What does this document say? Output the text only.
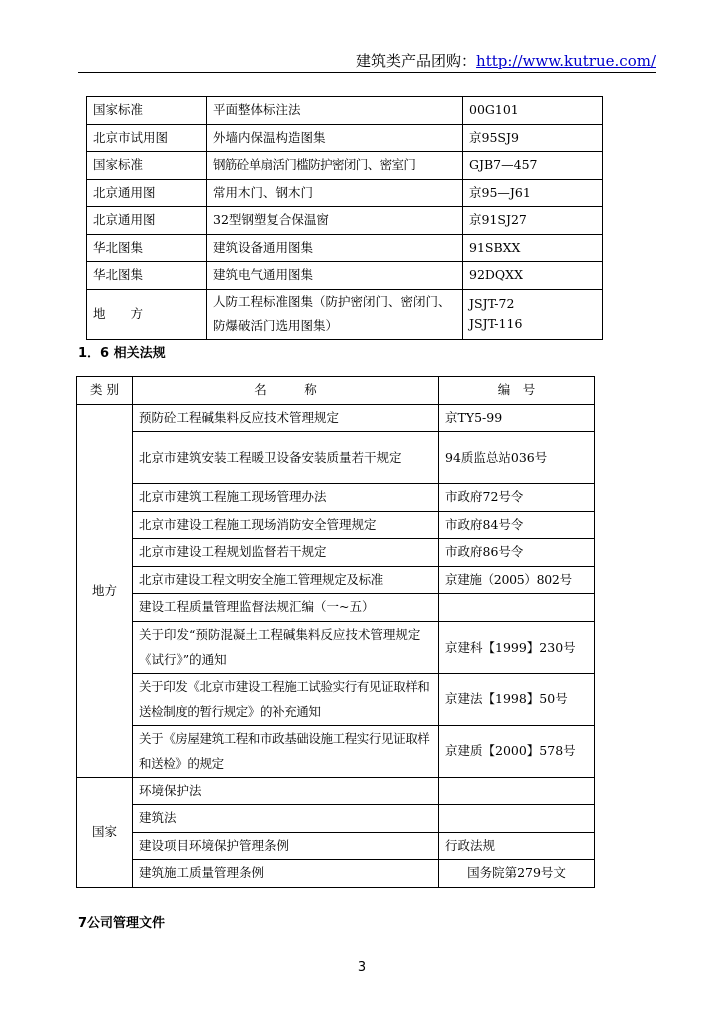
建筑类产品团购：http://www.kutrue.com/
国家标准	平面整体标注法	00G101
北京市试用图	外墙内保温构造图集	京95SJ9
国家标准	钢筋砼单扇活门槛防护密闭门、密室门	GJB7—457
北京通用图	常用木门、钢木门	京95—J61
北京通用图	32型钢塑复合保温窗	京91SJ27
华北图集	建筑设备通用图集	91SBXX
华北图集	建筑电气通用图集	92DQXX
地　　方	人防工程标准图集（防护密闭门、密闭门、防爆破活门选用图集）	JSJT-72
JSJT-116
1．6 相关法规
类 别	名　　　称	编　号
地方	预防砼工程碱集料反应技术管理规定	京TY5-99
	北京市建筑安装工程暖卫设备安装质量若干规定	94质监总站036号
	北京市建筑工程施工现场管理办法	市政府72号令
	北京市建设工程施工现场消防安全管理规定	市政府84号令
	北京市建设工程规划监督若干规定	市政府86号令
	北京市建设工程文明安全施工管理规定及标准	京建施（2005）802号
	建设工程质量管理监督法规汇编（一~五）	
	关于印发“预防混凝土工程碱集料反应技术管理规定《试行》”的通知	京建科【1999】230号
	关于印发《北京市建设工程施工试验实行有见证取样和送检制度的暂行规定》的补充通知	京建法【1998】50号
	关于《房屋建筑工程和市政基础设施工程实行见证取样和送检》的规定	京建质【2000】578号
国家	环境保护法	
	建筑法	
	建设项目环境保护管理条例	行政法规
	建筑施工质量管理条例	国务院第279号文
7公司管理文件
3
